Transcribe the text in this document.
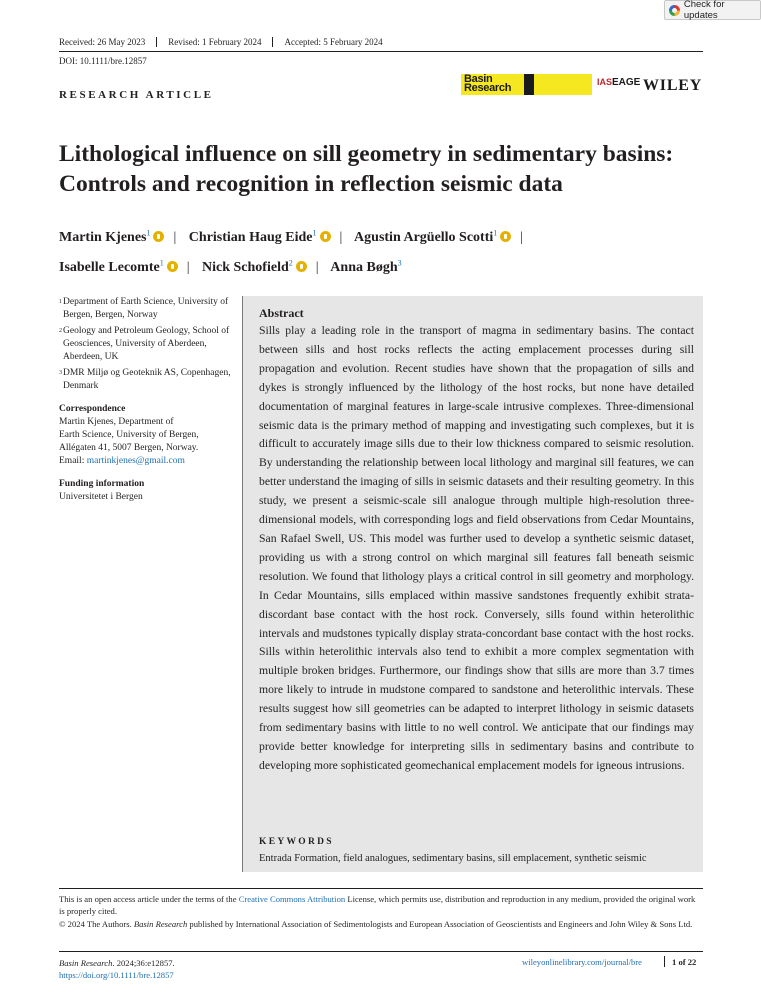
Check for updates
Received: 26 May 2023	Revised: 1 February 2024	Accepted: 5 February 2024
DOI: 10.1111/bre.12857
RESEARCH ARTICLE
Basin
Research	IAS EAGE WILEY
Lithological influence on sill geometry in sedimentary basins: Controls and recognition in reflection seismic data
Martin Kjenes$^1$ | Christian Haug Eide$^1$ | Agustin Argüello Scotti$^1$ |
Isabelle Lecomte$^1$ | Nick Schofield$^2$ | Anna Bøgh$^3$
1 Department of Earth Science, University of Bergen, Bergen, Norway
2 Geology and Petroleum Geology, School of Geosciences, University of Aberdeen, Aberdeen, UK
3 DMR Miljø og Geoteknik AS, Copenhagen, Denmark
Correspondence
Martin Kjenes, Department of
Earth Science, University of Bergen,
Allégaten 41, 5007 Bergen, Norway.
Email: martinkjenes@gmail.com
Funding information
Universitetet i Bergen
Abstract

Sills play a leading role in the transport of magma in sedimentary basins. The contact between sills and host rocks reflects the acting emplacement processes during sill propagation and evolution. Recent studies have shown that the propagation of sills and dykes is strongly influenced by the lithology of the host rocks, but none have detailed documentation of marginal features in large-scale intrusive complexes. Three-dimensional seismic data is the primary method of mapping and investigating such complexes, but it is difficult to accurately image sills due to their low thickness compared to seismic resolution. By understanding the relationship between local lithology and marginal sill features, we can better understand the imaging of sills in seismic datasets and their resulting geometry. In this study, we present a seismic-scale sill analogue through multiple high-resolution three-dimensional models, with corresponding logs and field observations from Cedar Mountains, San Rafael Swell, US. This model was further used to develop a synthetic seismic dataset, providing us with a strong control on which marginal sill features fall beneath seismic resolution. We found that lithology plays a critical control in sill geometry and morphology. In Cedar Mountains, sills emplaced within massive sandstones frequently exhibit strata-discordant base contact with the host rock. Conversely, sills found within heterolithic intervals and mudstones typically display strata-concordant base contact with the host rocks. Sills within heterolithic intervals also tend to exhibit a more complex segmentation with multiple broken bridges. Furthermore, our findings show that sills are more than 3.7 times more likely to intrude in mudstone compared to sandstone and heterolithic intervals. These results suggest how sill geometries can be adapted to interpret lithology in seismic datasets from sedimentary basins with little to no well control. We anticipate that our findings may provide better knowledge for interpreting sills in sedimentary basins and contribute to developing more sophisticated geomechanical emplacement models for igneous intrusions.

KEYWORDS
Entrada Formation, field analogues, sedimentary basins, sill emplacement, synthetic seismic
This is an open access article under the terms of the Creative Commons Attribution License, which permits use, distribution and reproduction in any medium, provided the original work is properly cited.
© 2024 The Authors. Basin Research published by International Association of Sedimentologists and European Association of Geoscientists and Engineers and John Wiley & Sons Ltd.
Basin Research. 2024;36:e12857.
https://doi.org/10.1111/bre.12857
wileyonlinelibrary.com/journal/bre	1 of 22
